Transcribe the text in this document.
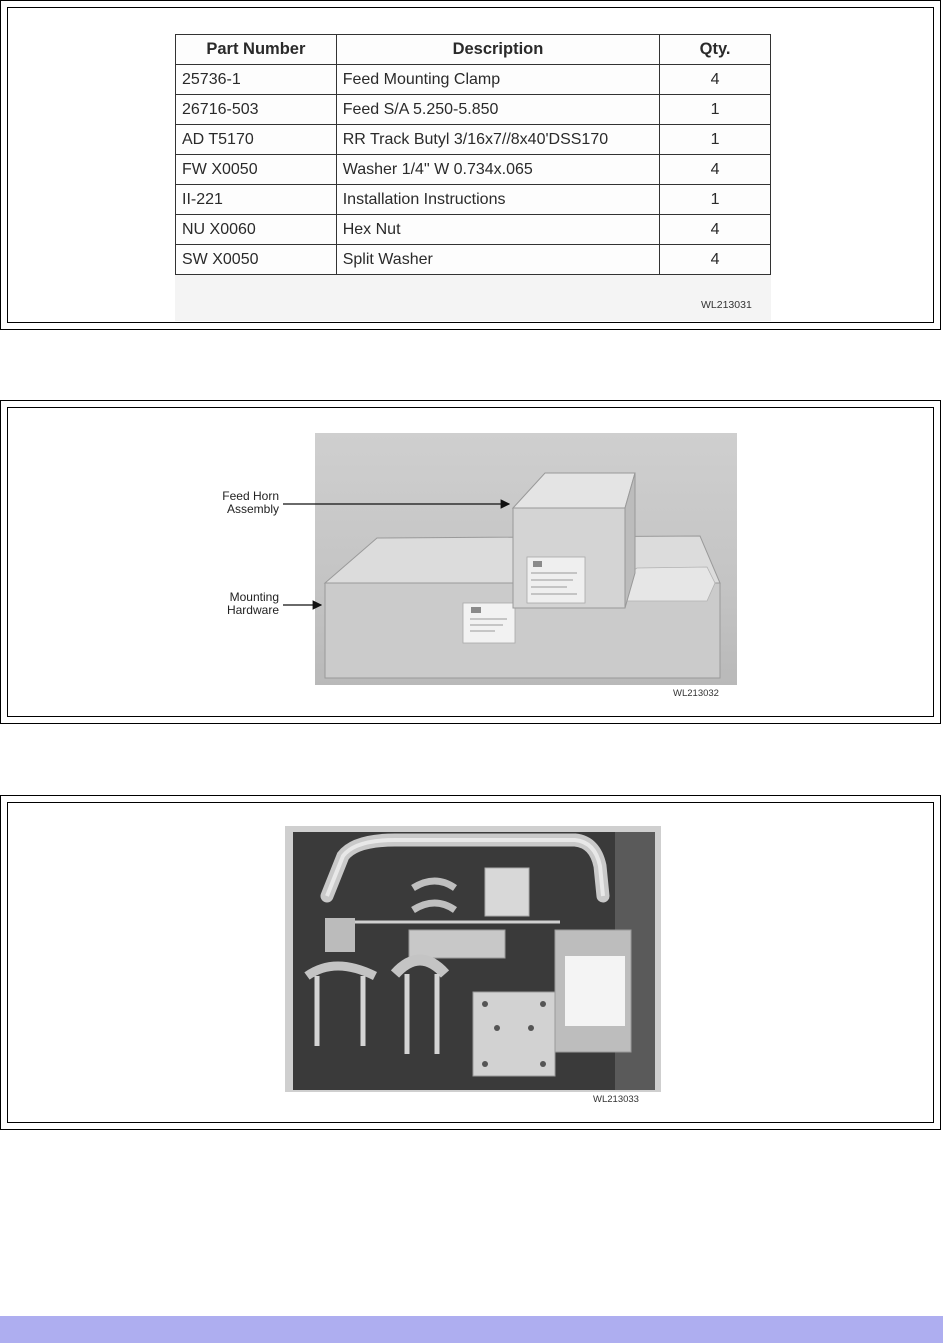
Part Number	Description	Qty.
25736-1	Feed Mounting Clamp	4
26716-503	Feed S/A 5.250-5.850	1
AD T5170	RR Track Butyl 3/16x7//8x40'DSS170	1
FW X0050	Washer 1/4" W 0.734x.065	4
II-221	Installation Instructions	1
NU X0060	Hex Nut	4
SW X0050	Split Washer	4
WL213031
Feed Horn
Assembly
Mounting
Hardware
WL213032
WL213033
